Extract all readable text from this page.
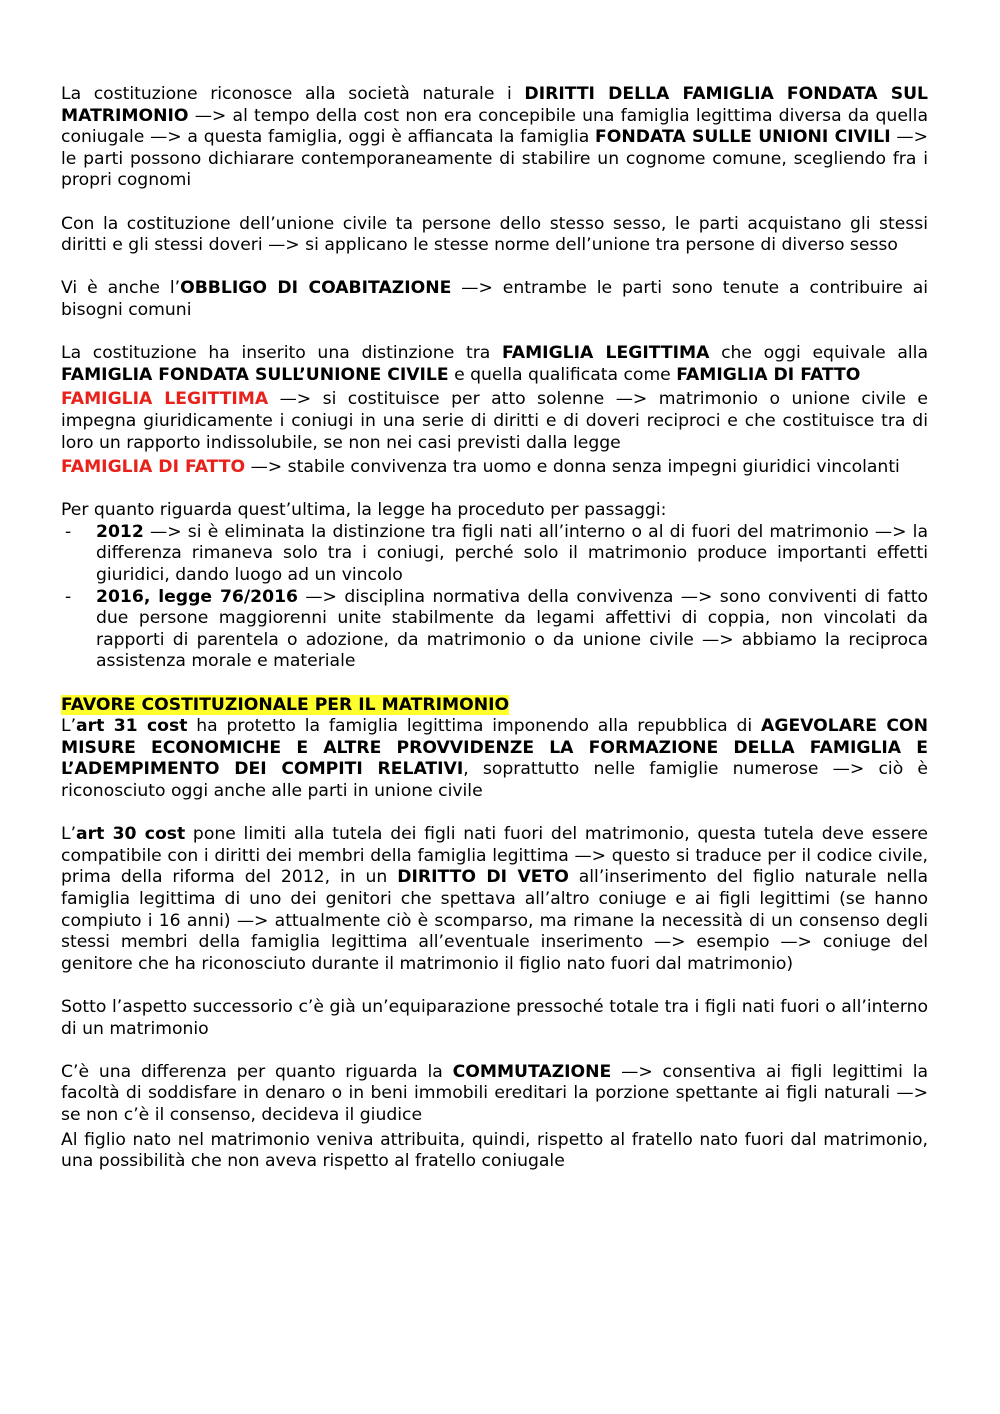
La costituzione riconosce alla società naturale i DIRITTI DELLA FAMIGLIA FONDATA SUL MATRIMONIO —> al tempo della cost non era concepibile una famiglia legittima diversa da quella coniugale —> a questa famiglia, oggi è affiancata la famiglia FONDATA SULLE UNIONI CIVILI —> le parti possono dichiarare contemporaneamente di stabilire un cognome comune, scegliendo fra i propri cognomi

Con la costituzione dell’unione civile ta persone dello stesso sesso, le parti acquistano gli stessi diritti e gli stessi doveri —> si applicano le stesse norme dell’unione tra persone di diverso sesso

Vi è anche l’OBBLIGO DI COABITAZIONE —> entrambe le parti sono tenute a contribuire ai bisogni comuni

La costituzione ha inserito una distinzione tra FAMIGLIA LEGITTIMA che oggi equivale alla FAMIGLIA FONDATA SULL’UNIONE CIVILE e quella qualificata come FAMIGLIA DI FATTO

FAMIGLIA LEGITTIMA —> si costituisce per atto solenne —> matrimonio o unione civile e impegna giuridicamente i coniugi in una serie di diritti e di doveri reciproci e che costituisce tra di loro un rapporto indissolubile, se non nei casi previsti dalla legge

FAMIGLIA DI FATTO —> stabile convivenza tra uomo e donna senza impegni giuridici vincolanti

Per quanto riguarda quest’ultima, la legge ha proceduto per passaggi:

- 2012 —> si è eliminata la distinzione tra figli nati all’interno o al di fuori del matrimonio —> la differenza rimaneva solo tra i coniugi, perché solo il matrimonio produce importanti effetti giuridici, dando luogo ad un vincolo
- 2016, legge 76/2016 —> disciplina normativa della convivenza —> sono conviventi di fatto due persone maggiorenni unite stabilmente da legami affettivi di coppia, non vincolati da rapporti di parentela o adozione, da matrimonio o da unione civile —> abbiamo la reciproca assistenza morale e materiale

FAVORE COSTITUZIONALE PER IL MATRIMONIO

L’art 31 cost ha protetto la famiglia legittima imponendo alla repubblica di AGEVOLARE CON MISURE ECONOMICHE E ALTRE PROVVIDENZE LA FORMAZIONE DELLA FAMIGLIA E L’ADEMPIMENTO DEI COMPITI RELATIVI, soprattutto nelle famiglie numerose —> ciò è riconosciuto oggi anche alle parti in unione civile

L’art 30 cost pone limiti alla tutela dei figli nati fuori del matrimonio, questa tutela deve essere compatibile con i diritti dei membri della famiglia legittima —> questo si traduce per il codice civile, prima della riforma del 2012, in un DIRITTO DI VETO all’inserimento del figlio naturale nella famiglia legittima di uno dei genitori che spettava all’altro coniuge e ai figli legittimi (se hanno compiuto i 16 anni) —> attualmente ciò è scomparso, ma rimane la necessità di un consenso degli stessi membri della famiglia legittima all’eventuale inserimento —> esempio —> coniuge del genitore che ha riconosciuto durante il matrimonio il figlio nato fuori dal matrimonio)

Sotto l’aspetto successorio c’è già un’equiparazione pressoché totale tra i figli nati fuori o all’interno di un matrimonio

C’è una differenza per quanto riguarda la COMMUTAZIONE —> consentiva ai figli legittimi la facoltà di soddisfare in denaro o in beni immobili ereditari la porzione spettante ai figli naturali —> se non c’è il consenso, decideva il giudice

Al figlio nato nel matrimonio veniva attribuita, quindi, rispetto al fratello nato fuori dal matrimonio, una possibilità che non aveva rispetto al fratello coniugale
